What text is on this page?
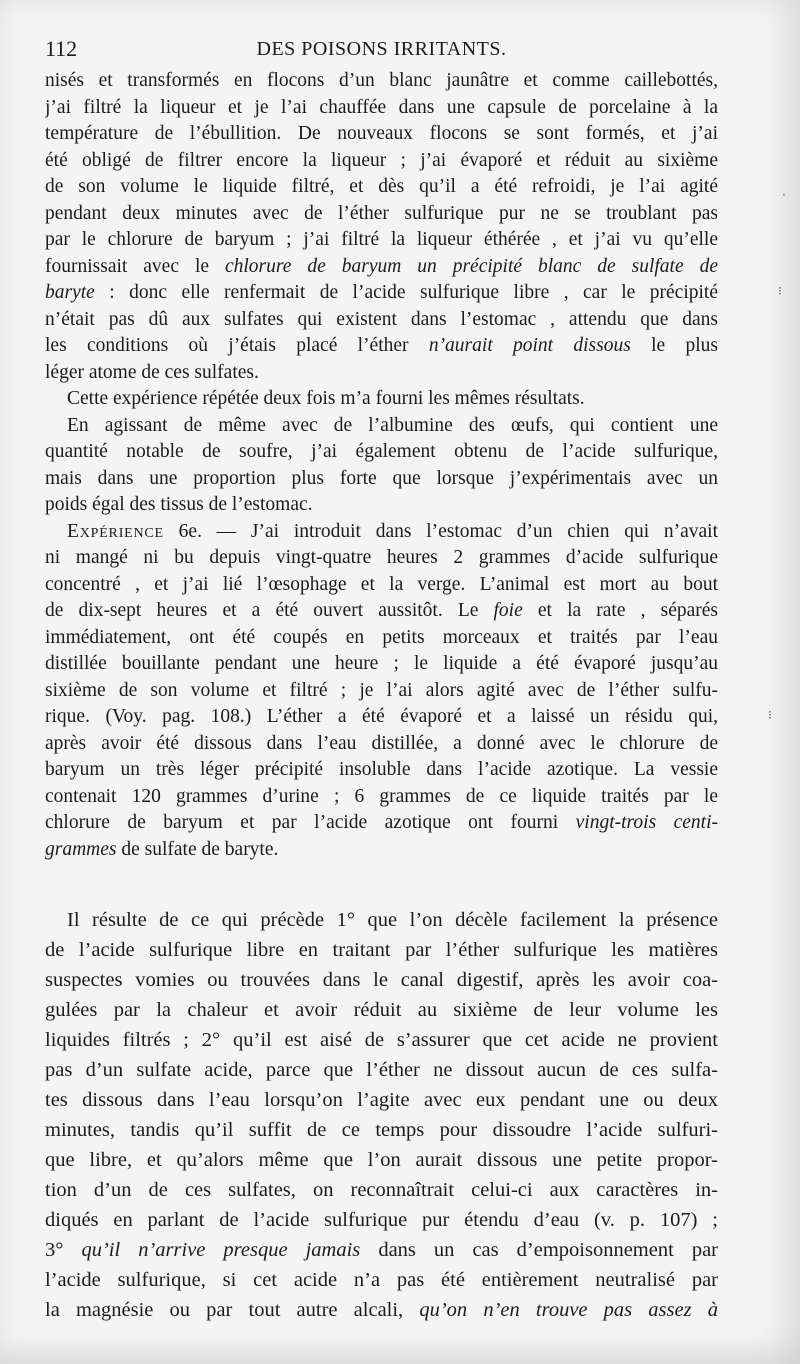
112	DES POISONS IRRITANTS.
nisés et transformés en flocons d’un blanc jaunâtre et comme caillebottés,
j’ai filtré la liqueur et je l’ai chauffée dans une capsule de porcelaine à la
température de l’ébullition. De nouveaux flocons se sont formés, et j’ai
été obligé de filtrer encore la liqueur ; j’ai évaporé et réduit au sixième
de son volume le liquide filtré, et dès qu’il a été refroidi, je l’ai agité
pendant deux minutes avec de l’éther sulfurique pur ne se troublant pas
par le chlorure de baryum ; j’ai filtré la liqueur éthérée , et j’ai vu qu’elle
fournissait avec le chlorure de baryum un précipité blanc de sulfate de
baryte : donc elle renfermait de l’acide sulfurique libre , car le précipité
n’était pas dû aux sulfates qui existent dans l’estomac , attendu que dans
les conditions où j’étais placé l’éther n’aurait point dissous le plus
léger atome de ces sulfates.
Cette expérience répétée deux fois m’a fourni les mêmes résultats.
En agissant de même avec de l’albumine des œufs, qui contient une
quantité notable de soufre, j’ai également obtenu de l’acide sulfurique,
mais dans une proportion plus forte que lorsque j’expérimentais avec un
poids égal des tissus de l’estomac.
Expérience 6e. — J’ai introduit dans l’estomac d’un chien qui n’avait
ni mangé ni bu depuis vingt-quatre heures 2 grammes d’acide sulfurique
concentré , et j’ai lié l’œsophage et la verge. L’animal est mort au bout
de dix-sept heures et a été ouvert aussitôt. Le foie et la rate , séparés
immédiatement, ont été coupés en petits morceaux et traités par l’eau
distillée bouillante pendant une heure ; le liquide a été évaporé jusqu’au
sixième de son volume et filtré ; je l’ai alors agité avec de l’éther sulfu-
rique. (Voy. pag. 108.) L’éther a été évaporé et a laissé un résidu qui,
après avoir été dissous dans l’eau distillée, a donné avec le chlorure de
baryum un très léger précipité insoluble dans l’acide azotique. La vessie
contenait 120 grammes d’urine ; 6 grammes de ce liquide traités par le
chlorure de baryum et par l’acide azotique ont fourni vingt-trois centi-
grammes de sulfate de baryte.
Il résulte de ce qui précède 1° que l’on décèle facilement la présence
de l’acide sulfurique libre en traitant par l’éther sulfurique les matières
suspectes vomies ou trouvées dans le canal digestif, après les avoir coa-
gulées par la chaleur et avoir réduit au sixième de leur volume les
liquides filtrés ; 2° qu’il est aisé de s’assurer que cet acide ne provient
pas d’un sulfate acide, parce que l’éther ne dissout aucun de ces sulfa-
tes dissous dans l’eau lorsqu’on l’agite avec eux pendant une ou deux
minutes, tandis qu’il suffit de ce temps pour dissoudre l’acide sulfuri-
que libre, et qu’alors même que l’on aurait dissous une petite propor-
tion d’un de ces sulfates, on reconnaîtrait celui-ci aux caractères in-
diqués en parlant de l’acide sulfurique pur étendu d’eau (v. p. 107) ;
3° qu’il n’arrive presque jamais dans un cas d’empoisonnement par
l’acide sulfurique, si cet acide n’a pas été entièrement neutralisé par
la magnésie ou par tout autre alcali, qu’on n’en trouve pas assez à
·
⁝
⁝
